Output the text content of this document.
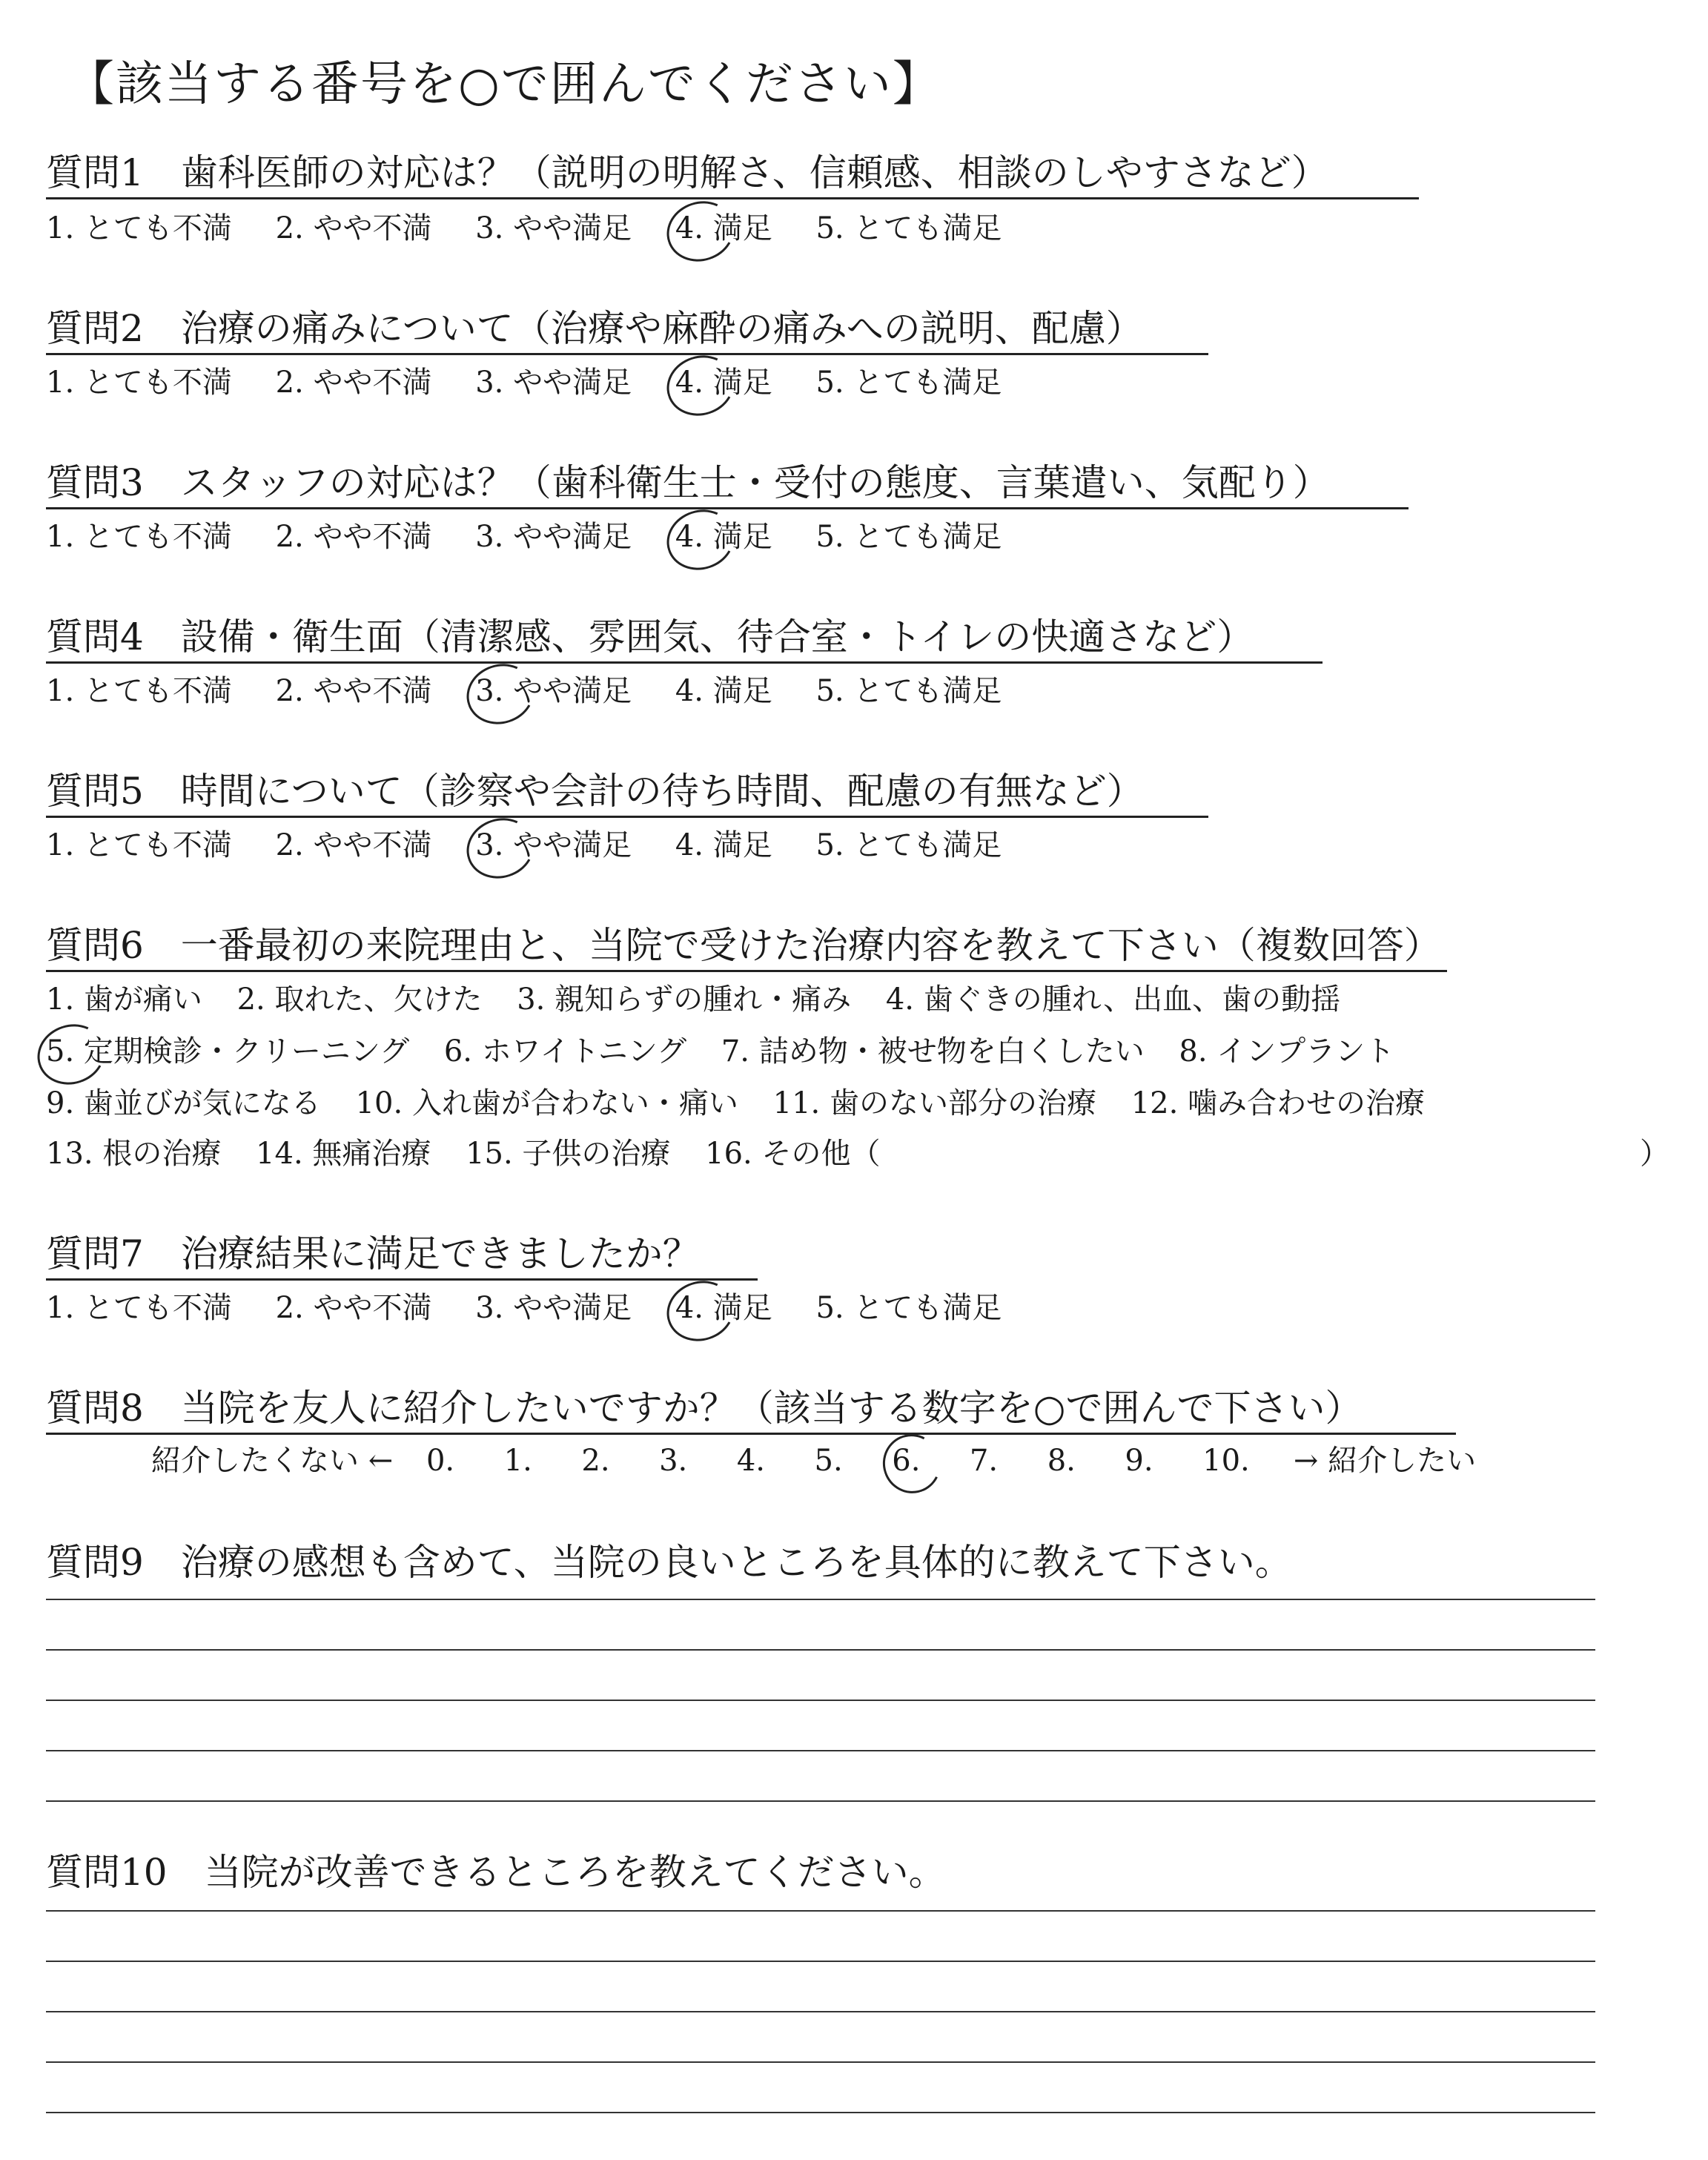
【該当する番号を○で囲んでください】
質問1　歯科医師の対応は？（説明の明解さ、信頼感、相談のしやすさなど）
1. とても不満 2. やや不満 3. やや満足 4. 満足 5. とても満足
質問2　治療の痛みについて（治療や麻酔の痛みへの説明、配慮）
1. とても不満 2. やや不満 3. やや満足 4. 満足 5. とても満足
質問3　スタッフの対応は？（歯科衛生士・受付の態度、言葉遣い、気配り）
1. とても不満 2. やや不満 3. やや満足 4. 満足 5. とても満足
質問4　設備・衛生面（清潔感、雰囲気、待合室・トイレの快適さなど）
1. とても不満 2. やや不満 3. やや満足 4. 満足 5. とても満足
質問5　時間について（診察や会計の待ち時間、配慮の有無など）
1. とても不満 2. やや不満 3. やや満足 4. 満足 5. とても満足
質問6　一番最初の来院理由と、当院で受けた治療内容を教えて下さい（複数回答）
1. 歯が痛い 2. 取れた、欠けた 3. 親知らずの腫れ・痛み 4. 歯ぐきの腫れ、出血、歯の動揺
5. 定期検診・クリーニング 6. ホワイトニング 7. 詰め物・被せ物を白くしたい 8. インプラント
9. 歯並びが気になる 10. 入れ歯が合わない・痛い 11. 歯のない部分の治療 12. 噛み合わせの治療
13. 根の治療 14. 無痛治療 15. 子供の治療 16. その他（	）
質問7　治療結果に満足できましたか？
1. とても不満 2. やや不満 3. やや満足 4. 満足 5. とても満足
質問8　当院を友人に紹介したいですか？（該当する数字を○で囲んで下さい）
紹介したくない ← 0. 1. 2. 3. 4. 5. 6. 7. 8. 9. 10. → 紹介したい
質問9　治療の感想も含めて、当院の良いところを具体的に教えて下さい。
質問10　当院が改善できるところを教えてください。
